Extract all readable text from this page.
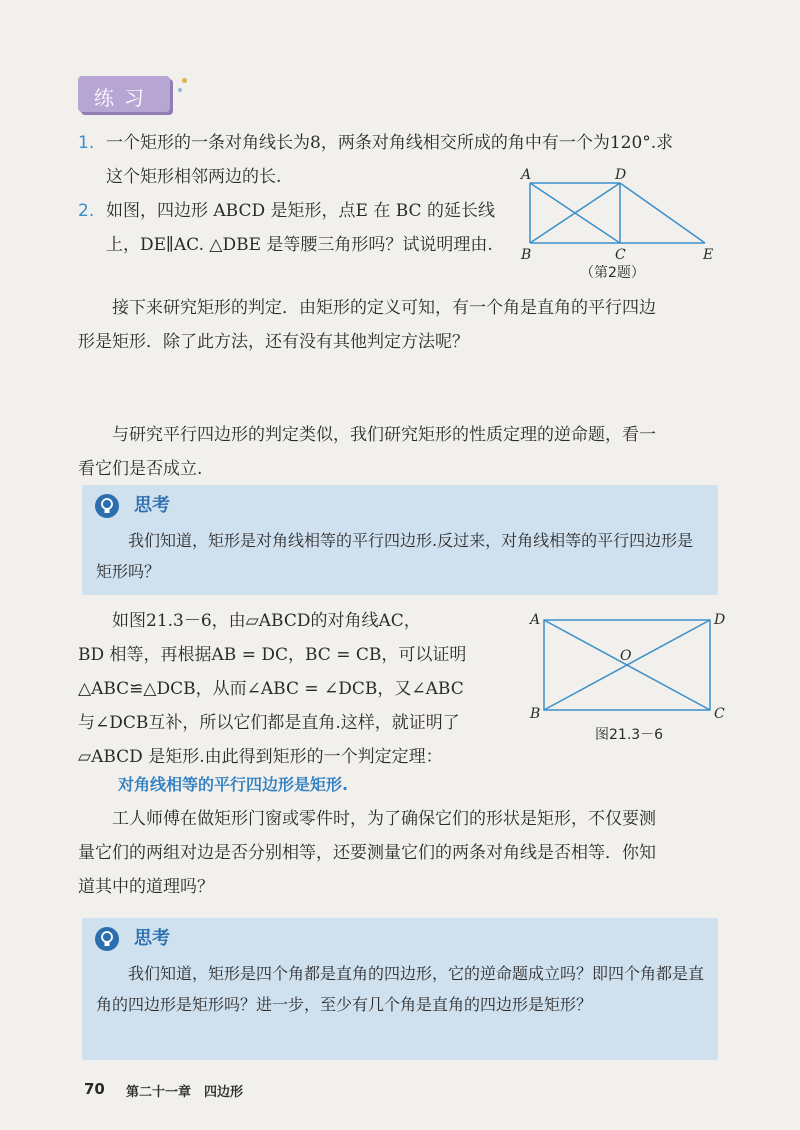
练习
1. 一个矩形的一条对角线长为8，两条对角线相交所成的角中有一个为120°.求
这个矩形相邻两边的长.
2. 如图，四边形 ABCD 是矩形，点E 在 BC 的延长线
上，DE∥AC. △DBE 是等腰三角形吗？试说明理由.
A	D
B	C	E
（第2题）
接下来研究矩形的判定．由矩形的定义可知，有一个角是直角的平行四边
形是矩形．除了此方法，还有没有其他判定方法呢？
与研究平行四边形的判定类似，我们研究矩形的性质定理的逆命题，看一
看它们是否成立.
思考
我们知道，矩形是对角线相等的平行四边形.反过来，对角线相等的平行四边形是矩形吗？
如图21.3－6，由▱ABCD的对角线AC，
BD 相等，再根据AB = DC，BC = CB，可以证明
△ABC≌△DCB，从而∠ABC = ∠DCB，又∠ABC
与∠DCB互补，所以它们都是直角.这样，就证明了
▱ABCD 是矩形.由此得到矩形的一个判定定理：
A	D
B	C
O
图21.3－6
对角线相等的平行四边形是矩形.
工人师傅在做矩形门窗或零件时，为了确保它们的形状是矩形，不仅要测
量它们的两组对边是否分别相等，还要测量它们的两条对角线是否相等．你知
道其中的道理吗？
思考
我们知道，矩形是四个角都是直角的四边形，它的逆命题成立吗？即四个角都是直角的四边形是矩形吗？进一步，至少有几个角是直角的四边形是矩形？
70 第二十一章　四边形
